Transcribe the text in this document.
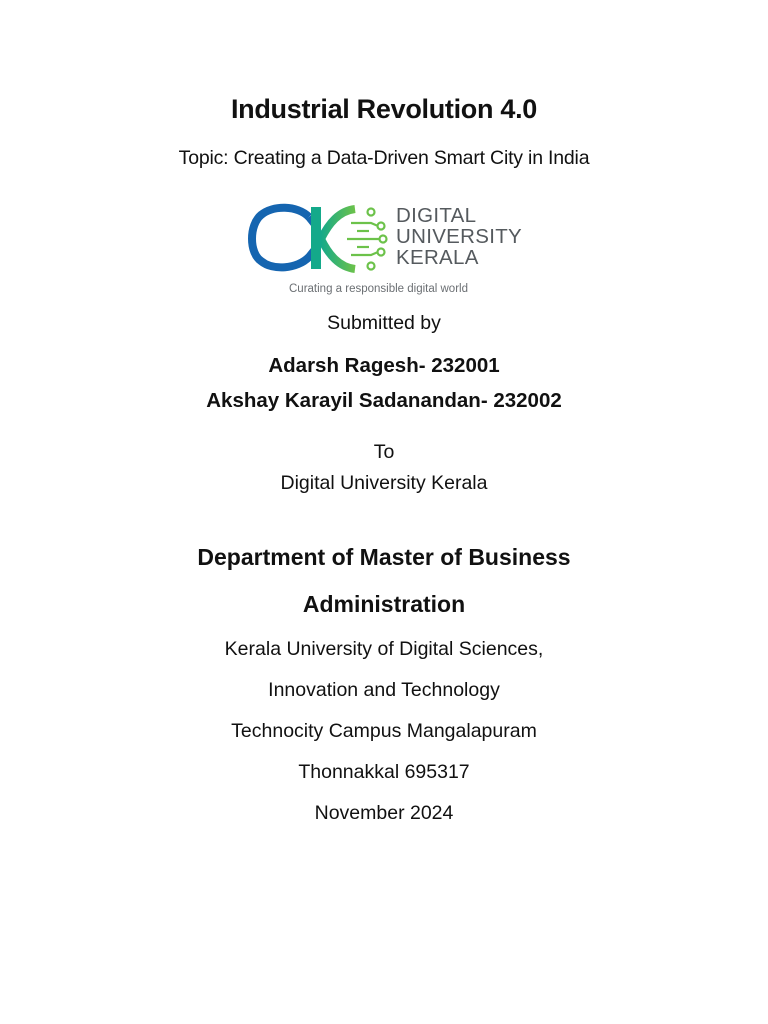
Industrial Revolution 4.0
Topic: Creating a Data-Driven Smart City in India
DIGITAL
UNIVERSITY
KERALA
Curating a responsible digital world
Submitted by
Adarsh Ragesh- 232001
Akshay Karayil Sadanandan- 232002
To
Digital University Kerala
Department of Master of Business
Administration
Kerala University of Digital Sciences,
Innovation and Technology
Technocity Campus Mangalapuram
Thonnakkal 695317
November 2024
